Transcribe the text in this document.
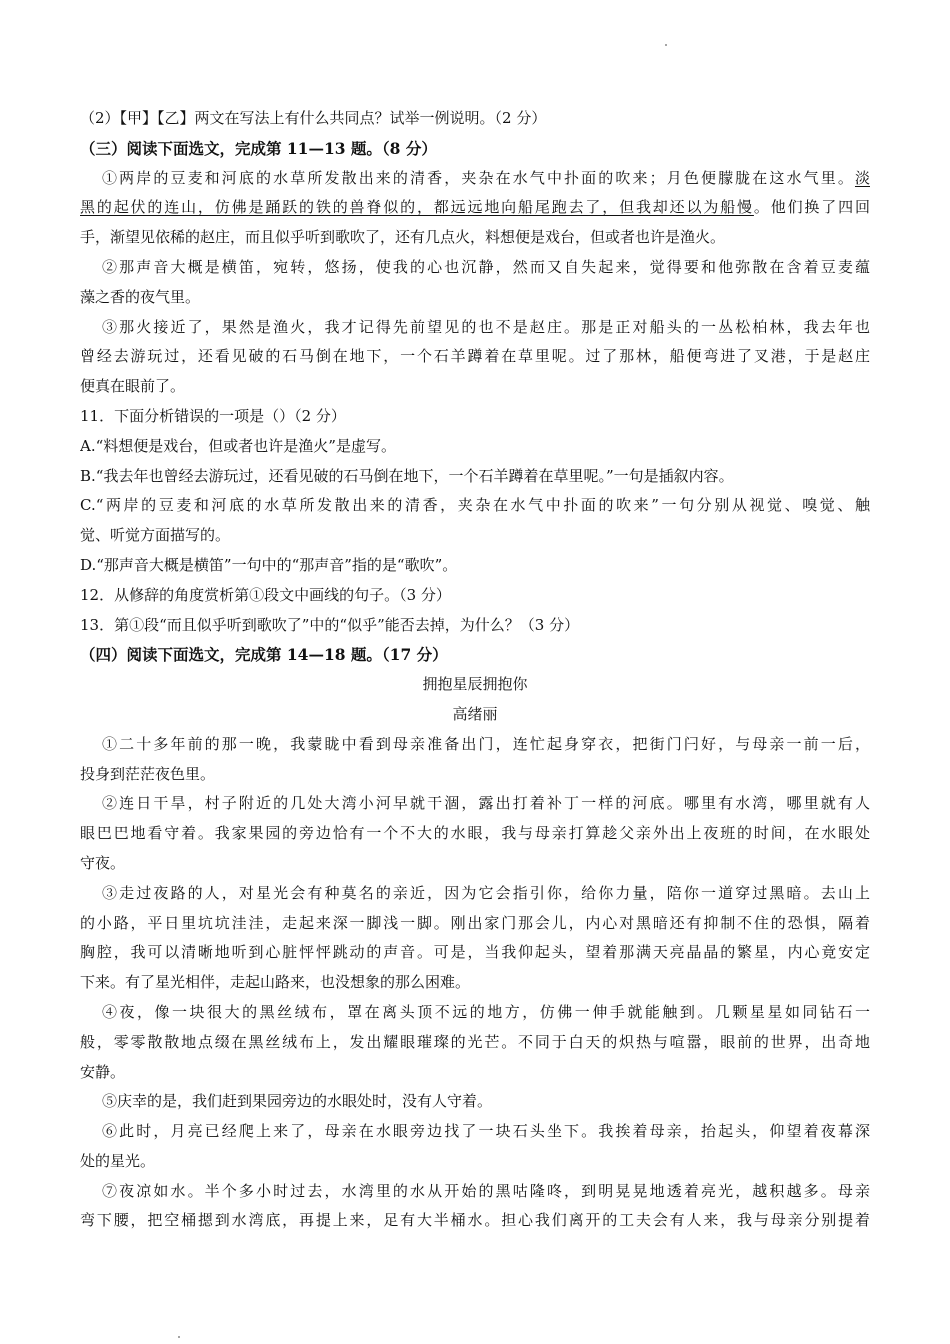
（2）【甲】【乙】两文在写法上有什么共同点？试举一例说明。（2 分）
（三）阅读下面选文，完成第 11—13 题。（8 分）
①两岸的豆麦和河底的水草所发散出来的清香，夹杂在水气中扑面的吹来；月色便朦胧在这水气里。淡
黑的起伏的连山，仿佛是踊跃的铁的兽脊似的，都远远地向船尾跑去了，但我却还以为船慢。他们换了四回
手，渐望见依稀的赵庄，而且似乎听到歌吹了，还有几点火，料想便是戏台，但或者也许是渔火。
②那声音大概是横笛，宛转，悠扬，使我的心也沉静，然而又自失起来，觉得要和他弥散在含着豆麦蕴
藻之香的夜气里。
③那火接近了，果然是渔火，我才记得先前望见的也不是赵庄。那是正对船头的一丛松柏林，我去年也
曾经去游玩过，还看见破的石马倒在地下，一个石羊蹲着在草里呢。过了那林，船便弯进了叉港，于是赵庄
便真在眼前了。
11．下面分析错误的一项是（）（2 分）
A.“料想便是戏台，但或者也许是渔火”是虚写。
B.“我去年也曾经去游玩过，还看见破的石马倒在地下，一个石羊蹲着在草里呢。”一句是插叙内容。
C.“两岸的豆麦和河底的水草所发散出来的清香，夹杂在水气中扑面的吹来”一句分别从视觉、嗅觉、触
觉、听觉方面描写的。
D.“那声音大概是横笛”一句中的“那声音”指的是“歌吹”。
12．从修辞的角度赏析第①段文中画线的句子。（3 分）
13．第①段“而且似乎听到歌吹了”中的“似乎”能否去掉，为什么？（3 分）
（四）阅读下面选文，完成第 14—18 题。（17 分）
拥抱星辰拥抱你
高绪丽
①二十多年前的那一晚，我蒙眬中看到母亲准备出门，连忙起身穿衣，把街门闩好，与母亲一前一后，
投身到茫茫夜色里。
②连日干旱，村子附近的几处大湾小河早就干涸，露出打着补丁一样的河底。哪里有水湾，哪里就有人
眼巴巴地看守着。我家果园的旁边恰有一个不大的水眼，我与母亲打算趁父亲外出上夜班的时间，在水眼处
守夜。
③走过夜路的人，对星光会有种莫名的亲近，因为它会指引你，给你力量，陪你一道穿过黑暗。去山上
的小路，平日里坑坑洼洼，走起来深一脚浅一脚。刚出家门那会儿，内心对黑暗还有抑制不住的恐惧，隔着
胸腔，我可以清晰地听到心脏怦怦跳动的声音。可是，当我仰起头，望着那满天亮晶晶的繁星，内心竟安定
下来。有了星光相伴，走起山路来，也没想象的那么困难。
④夜，像一块很大的黑丝绒布，罩在离头顶不远的地方，仿佛一伸手就能触到。几颗星星如同钻石一
般，零零散散地点缀在黑丝绒布上，发出耀眼璀璨的光芒。不同于白天的炽热与喧嚣，眼前的世界，出奇地
安静。
⑤庆幸的是，我们赶到果园旁边的水眼处时，没有人守着。
⑥此时，月亮已经爬上来了，母亲在水眼旁边找了一块石头坐下。我挨着母亲，抬起头，仰望着夜幕深
处的星光。
⑦夜凉如水。半个多小时过去，水湾里的水从开始的黑咕隆咚，到明晃晃地透着亮光，越积越多。母亲
弯下腰，把空桶摁到水湾底，再提上来，足有大半桶水。担心我们离开的工夫会有人来，我与母亲分别提着
